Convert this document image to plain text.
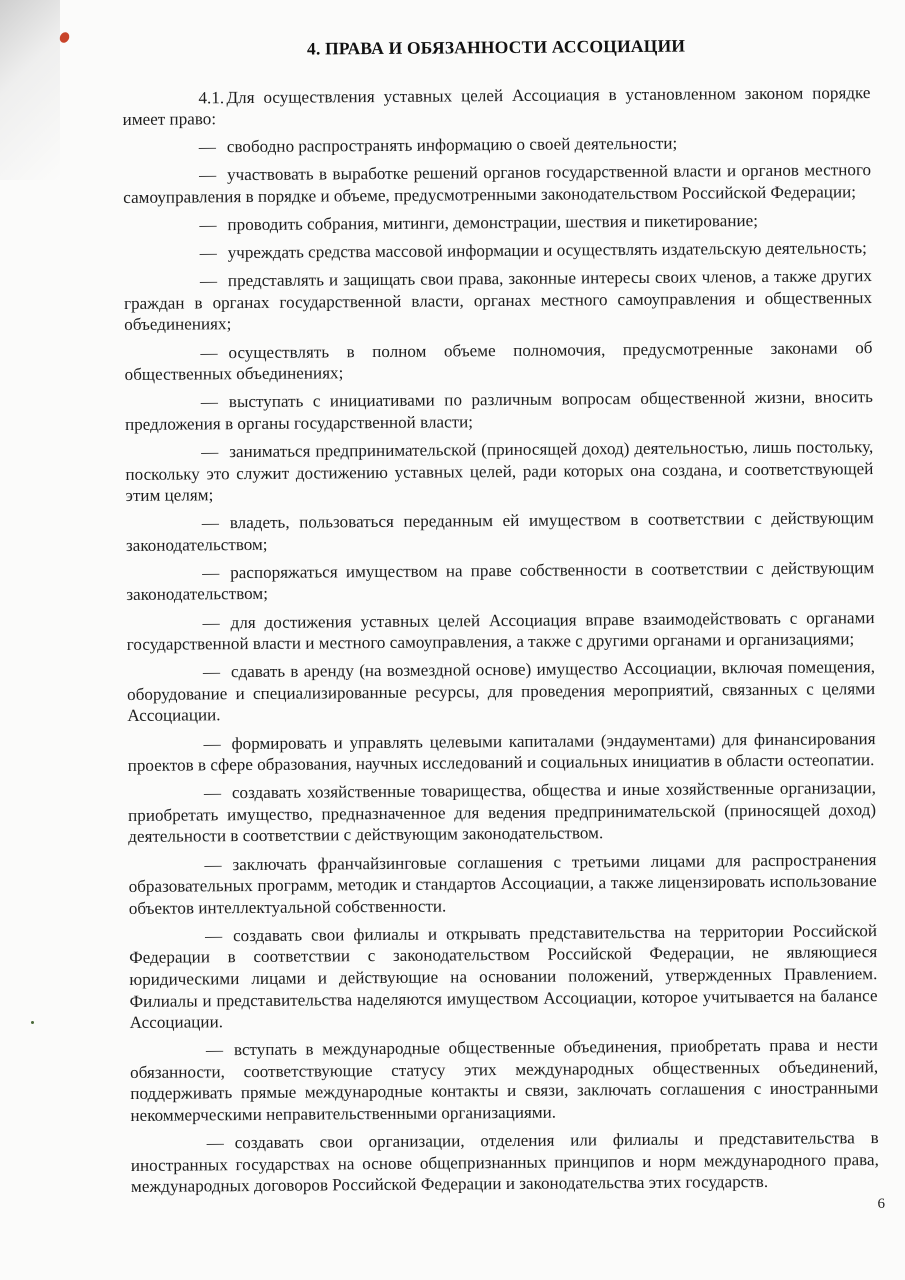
4. ПРАВА И ОБЯЗАННОСТИ АССОЦИАЦИИ

4.1. Для осуществления уставных целей Ассоциация в установленном законом порядке имеет право:

— свободно распространять информацию о своей деятельности;

— участвовать в выработке решений органов государственной власти и органов местного самоуправления в порядке и объеме, предусмотренными законодательством Российской Федерации;

— проводить собрания, митинги, демонстрации, шествия и пикетирование;

— учреждать средства массовой информации и осуществлять издательскую деятельность;

— представлять и защищать свои права, законные интересы своих членов, а также других граждан в органах государственной власти, органах местного самоуправления и общественных объединениях;

— осуществлять в полном объеме полномочия, предусмотренные законами об общественных объединениях;

— выступать с инициативами по различным вопросам общественной жизни, вносить предложения в органы государственной власти;

— заниматься предпринимательской (приносящей доход) деятельностью, лишь постольку, поскольку это служит достижению уставных целей, ради которых она создана, и соответствующей этим целям;

— владеть, пользоваться переданным ей имуществом в соответствии с действующим законодательством;

— распоряжаться имуществом на праве собственности в соответствии с действующим законодательством;

— для достижения уставных целей Ассоциация вправе взаимодействовать с органами государственной власти и местного самоуправления, а также с другими органами и организациями;

— сдавать в аренду (на возмездной основе) имущество Ассоциации, включая помещения, оборудование и специализированные ресурсы, для проведения мероприятий, связанных с целями Ассоциации.

— формировать и управлять целевыми капиталами (эндаументами) для финансирования проектов в сфере образования, научных исследований и социальных инициатив в области остеопатии.

— создавать хозяйственные товарищества, общества и иные хозяйственные организации, приобретать имущество, предназначенное для ведения предпринимательской (приносящей доход) деятельности в соответствии с действующим законодательством.

— заключать франчайзинговые соглашения с третьими лицами для распространения образовательных программ, методик и стандартов Ассоциации, а также лицензировать использование объектов интеллектуальной собственности.

— создавать свои филиалы и открывать представительства на территории Российской Федерации в соответствии с законодательством Российской Федерации, не являющиеся юридическими лицами и действующие на основании положений, утвержденных Правлением. Филиалы и представительства наделяются имуществом Ассоциации, которое учитывается на балансе Ассоциации.

— вступать в международные общественные объединения, приобретать права и нести обязанности, соответствующие статусу этих международных общественных объединений, поддерживать прямые международные контакты и связи, заключать соглашения с иностранными некоммерческими неправительственными организациями.

— создавать свои организации, отделения или филиалы и представительства в иностранных государствах на основе общепризнанных принципов и норм международного права, международных договоров Российской Федерации и законодательства этих государств.

6
